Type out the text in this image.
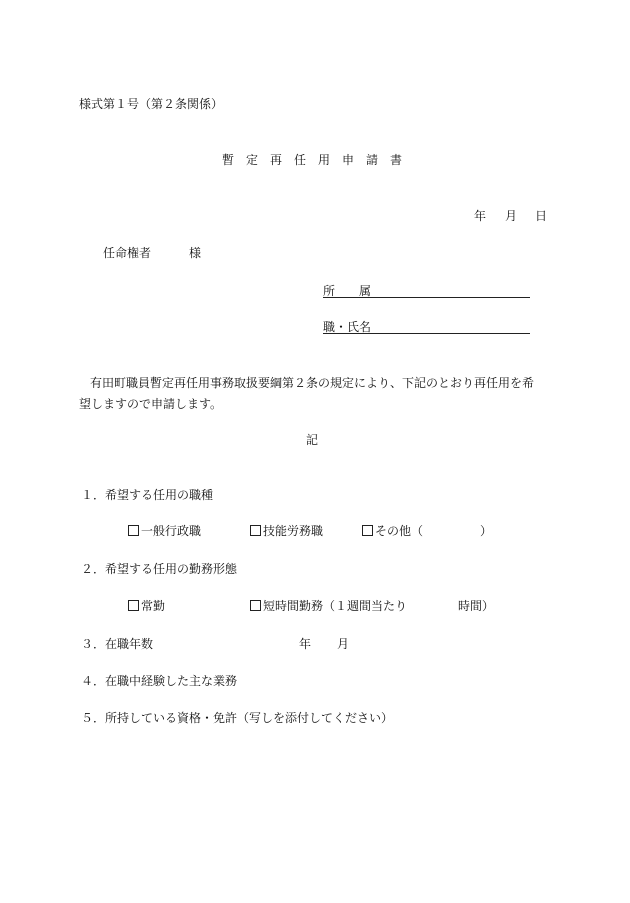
様式第１号（第２条関係）
暫 定 再 任 用 申 請 書
年 月 日
任命権者	様
所　　属
職・氏名
有田町職員暫定再任用事務取扱要綱第２条の規定により、下記のとおり再任用を希
望しますので申請します。
記
１．希望する任用の職種
一般行政職	技能労務職	その他（	）
２．希望する任用の勤務形態
常勤	短時間勤務（１週間当たり	時間）
３．在職年数	年 月
４．在職中経験した主な業務
５．所持している資格・免許（写しを添付してください）
